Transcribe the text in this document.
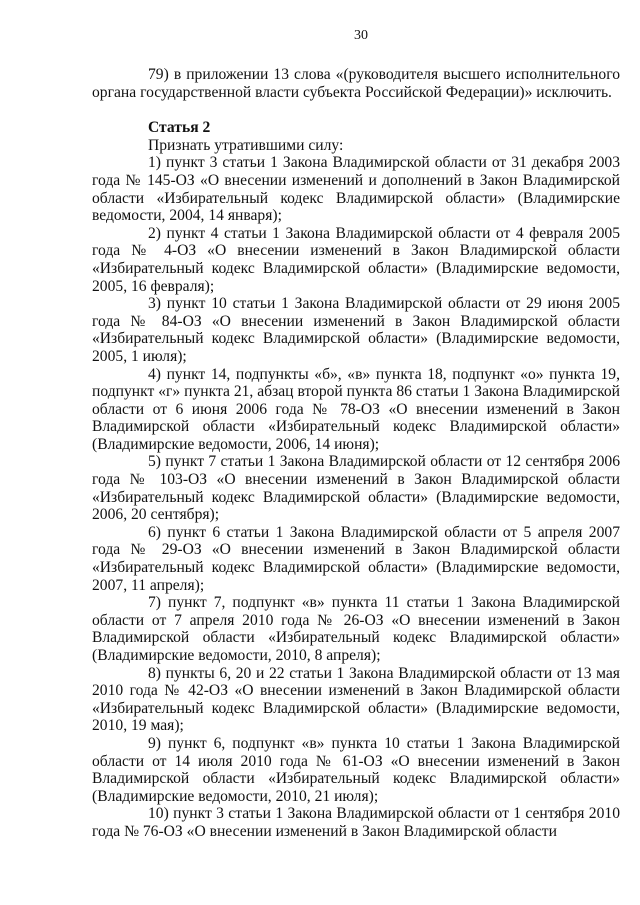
30

79) в приложении 13 слова «(руководителя высшего исполнительного органа государственной власти субъекта Российской Федерации)» исключить.

Статья 2

Признать утратившими силу:

1) пункт 3 статьи 1 Закона Владимирской области от 31 декабря 2003 года № 145-ОЗ «О внесении изменений и дополнений в Закон Владимирской области «Избирательный кодекс Владимирской области» (Владимирские ведомости, 2004, 14 января);

2) пункт 4 статьи 1 Закона Владимирской области от 4 февраля 2005 года № 4-ОЗ «О внесении изменений в Закон Владимирской области «Избирательный кодекс Владимирской области» (Владимирские ведомости, 2005, 16 февраля);

3) пункт 10 статьи 1 Закона Владимирской области от 29 июня 2005 года № 84-ОЗ «О внесении изменений в Закон Владимирской области «Избирательный кодекс Владимирской области» (Владимирские ведомости, 2005, 1 июля);

4) пункт 14, подпункты «б», «в» пункта 18, подпункт «о» пункта 19, подпункт «г» пункта 21, абзац второй пункта 86 статьи 1 Закона Владимирской области от 6 июня 2006 года № 78-ОЗ «О внесении изменений в Закон Владимирской области «Избирательный кодекс Владимирской области» (Владимирские ведомости, 2006, 14 июня);

5) пункт 7 статьи 1 Закона Владимирской области от 12 сентября 2006 года № 103-ОЗ «О внесении изменений в Закон Владимирской области «Избирательный кодекс Владимирской области» (Владимирские ведомости, 2006, 20 сентября);

6) пункт 6 статьи 1 Закона Владимирской области от 5 апреля 2007 года № 29-ОЗ «О внесении изменений в Закон Владимирской области «Избирательный кодекс Владимирской области» (Владимирские ведомости, 2007, 11 апреля);

7) пункт 7, подпункт «в» пункта 11 статьи 1 Закона Владимирской области от 7 апреля 2010 года № 26-ОЗ «О внесении изменений в Закон Владимирской области «Избирательный кодекс Владимирской области» (Владимирские ведомости, 2010, 8 апреля);

8) пункты 6, 20 и 22 статьи 1 Закона Владимирской области от 13 мая 2010 года № 42-ОЗ «О внесении изменений в Закон Владимирской области «Избирательный кодекс Владимирской области» (Владимирские ведомости, 2010, 19 мая);

9) пункт 6, подпункт «в» пункта 10 статьи 1 Закона Владимирской области от 14 июля 2010 года № 61-ОЗ «О внесении изменений в Закон Владимирской области «Избирательный кодекс Владимирской области» (Владимирские ведомости, 2010, 21 июля);

10) пункт 3 статьи 1 Закона Владимирской области от 1 сентября 2010 года № 76-ОЗ «О внесении изменений в Закон Владимирской области
